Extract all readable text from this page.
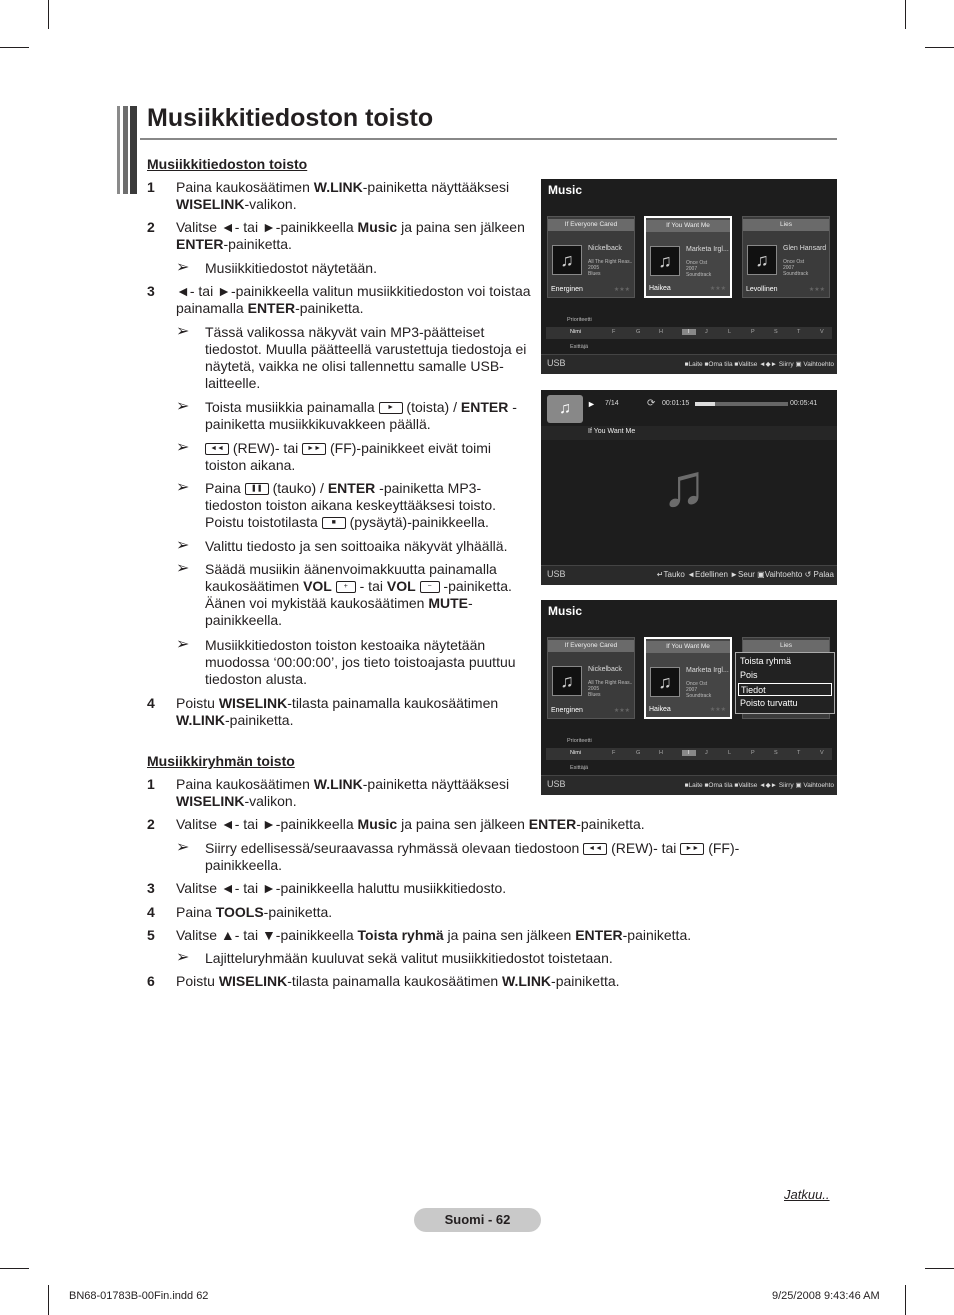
Musiikkitiedoston toisto
Musiikkitiedoston toisto
1 Paina kaukosäätimen W.LINK-painiketta näyttääksesi WISELINK-valikon.
2 Valitse ◄- tai ►-painikkeella Music ja paina sen jälkeen ENTER-painiketta.
➢ Musiikkitiedostot näytetään.
3 ◄- tai ►-painikkeella valitun musiikkitiedoston voi toistaa painamalla ENTER-painiketta.
➢ Tässä valikossa näkyvät vain MP3-päätteiset tiedostot. Muulla päätteellä varustettuja tiedostoja ei näytetä, vaikka ne olisi tallennettu samalle USB-laitteelle.
➢ Toista musiikkia painamalla ► (toista) / ENTER -painiketta musiikkikuvakkeen päällä.
➢	◄◄ (REW)- tai ►► (FF)-painikkeet eivät toimi toiston aikana.
➢ Paina ❚❚ (tauko) / ENTER -painiketta MP3-tiedoston toiston aikana keskeyttääksesi toisto. Poistu toistotilasta ■ (pysäytä)-painikkeella.
➢ Valittu tiedosto ja sen soittoaika näkyvät ylhäällä.
➢ Säädä musiikin äänenvoimakkuutta painamalla kaukosäätimen VOL + - tai VOL − -painiketta. Äänen voi mykistää kaukosäätimen MUTE-painikkeella.
➢ Musiikkitiedoston toiston kestoaika näytetään muodossa ‘00:00:00’, jos tieto toistoajasta puuttuu tiedoston alusta.
4 Poistu WISELINK-tilasta painamalla kaukosäätimen W.LINK-painiketta.
Musiikkiryhmän toisto
1 Paina kaukosäätimen W.LINK-painiketta näyttääksesi WISELINK-valikon.
2 Valitse ◄- tai ►-painikkeella Music ja paina sen jälkeen ENTER-painiketta.
➢ Siirry edellisessä/seuraavassa ryhmässä olevaan tiedostoon ◄◄ (REW)- tai ►► (FF)-painikkeella.
3 Valitse ◄- tai ►-painikkeella haluttu musiikkitiedosto.
4 Paina TOOLS-painiketta.
5 Valitse ▲- tai ▼-painikkeella Toista ryhmä ja paina sen jälkeen ENTER-painiketta.
➢ Lajitteluryhmään kuuluvat sekä valitut musiikkitiedostot toistetaan.
6 Poistu WISELINK-tilasta painamalla kaukosäätimen W.LINK-painiketta.
Music
If Everyone Cared
♫
Nickelback
All The Right Reas..
2005
Blues
Energinen	★★★
If You Want Me
♫
Marketa Irgl...
Once Ost
2007
Soundtrack
Haikea	★★★
Lies
♫
Glen Hansard
Once Ost
2007
Soundtrack
Levollinen	★★★
Prioriteetti
Nimi	F	G	H	I	J	L	P	S	T	V
Esittäjä
USB	■Laite ■Oma tila ■Valitse ◄◆► Siirry ▣ Vaihtoehto
♫	► 7/14	⟳ 00:01:15	00:05:41
If You Want Me
♫
USB	↵Tauko ◄Edellinen ►Seur ▣Vaihtoehto ↺ Palaa
Music
If Everyone Cared
♫
Nickelback
All The Right Reas..
2005
Blues
Energinen	★★★
If You Want Me
♫
Marketa Irgl...
Once Ost
2007
Soundtrack
Haikea	★★★
Lies
Toista ryhmä
Pois
Tiedot
Poisto turvattu
Prioriteetti
Nimi	F	G	H	I	J	L	P	S	T	V
Esittäjä
USB	■Laite ■Oma tila ■Valitse ◄◆► Siirry ▣ Vaihtoehto
Jatkuu..
Suomi - 62
BN68-01783B-00Fin.indd 62	9/25/2008 9:43:46 AM
